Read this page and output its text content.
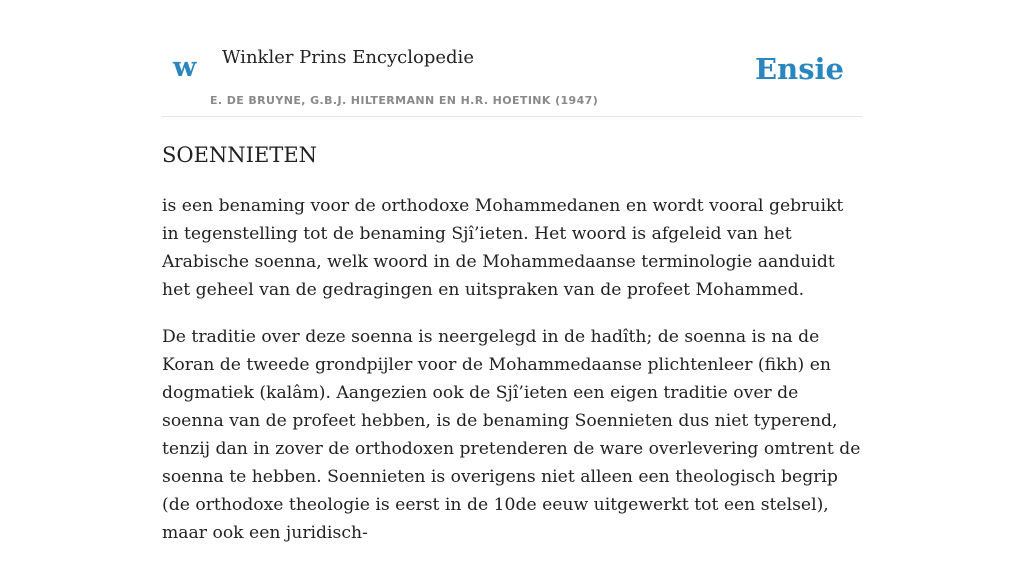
w Winkler Prins Encyclopedie
E. DE BRUYNE, G.B.J. HILTERMANN EN H.R. HOETINK (1947)
Ensie
SOENNIETEN

is een benaming voor de orthodoxe Mohammedanen en wordt vooral gebruikt in tegenstelling tot de benaming Sjî’ieten. Het woord is afgeleid van het Arabische soenna, welk woord in de Mohammedaanse terminologie aanduidt het geheel van de gedragingen en uitspraken van de profeet Mohammed.

De traditie over deze soenna is neergelegd in de hadîth; de soenna is na de Koran de tweede grondpijler voor de Mohammedaanse plichtenleer (fikh) en dogmatiek (kalâm). Aangezien ook de Sjî’ieten een eigen traditie over de soenna van de profeet hebben, is de benaming Soennieten dus niet typerend, tenzij dan in zover de orthodoxen pretenderen de ware overlevering omtrent de soenna te hebben. Soennieten is overigens niet alleen een theologisch begrip (de orthodoxe theologie is eerst in de 10de eeuw uitgewerkt tot een stelsel), maar ook een juridisch-
